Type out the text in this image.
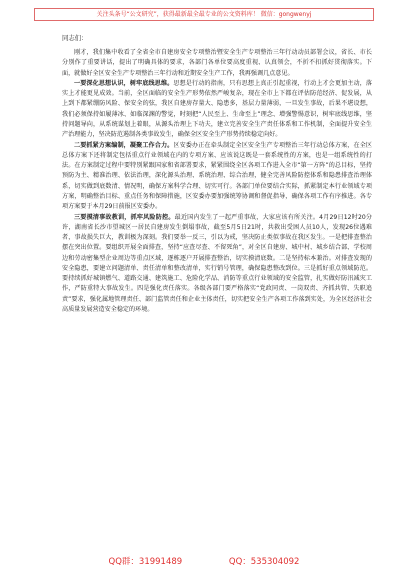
关注头条号“公文研究”，获得最新最全最专业的公文资料库！ 微信：gongwenyj
同志们：

刚才，我们集中收看了全省全市自建房安全专项整治暨安全生产专项整治三年行动动员部署会议，省长、市长分别作了重要讲话，提出了明确具体的要求，各部门各单位要高度重视、认真领会，不折不扣抓好贯彻落实。下面，就做好全区安全生产专项整治三年行动和近期安全生产工作，我再强调几点意见。

一要深化思想认识，树牢底线思维。思想是行动的指南，只有思想上真正引起重视，行动上才会更加主动，落实上才能更见成效。当前，全区面临的安全生产形势依然严峻复杂，现在全市上下都在评估防范经济、促发展，从上到下都紧绷防风险、保安全的弦，我区自建房存量大、隐患多，基层力量薄弱，一旦发生事故，后果不堪设想，我们必须保持如履薄冰、如临深渊的警觉，时刻把“人民至上、生命至上”理念、增强警惕意识，树牢底线思维，坚持问题导向，从系统谋划上着眼，从源头治理上下功夫，建立完善安全生产责任体系和工作机制，全面提升安全生产治理能力，坚决防范遏制各类事故发生，确保全区安全生产形势持续稳定向好。

二要抓紧方案编制，凝聚工作合力。区安委办正在牵头制定全区安全生产专项整治三年行动总体方案，在全区总体方案下还将制定包括重点行业领域在内的专项方案、应该说这既是一套系统性的方案，也是一组系统性的打法。在方案制定过程中要特别紧跟国家和省部署要求，紧紧围绕全区各项工作进入全市“第一方阵”的总目标，坚持预防为主、精准治理、依法治理，深化源头治理、系统治理、综合治理，健全完善风险防控体系和隐患排查治理体系，切实做到底数清、情况明，确保方案科学合理、切实可行。各部门单位要结合实际，抓紧制定本行业领域专项方案，明确整治目标、重点任务和保障措施，区安委办要加强统筹协调和督促指导，确保各项工作有序推进。各专项方案要于本月29日前报区安委办。

三要摸清事故教训，抓牢风险防控。最近国内发生了一起严重事故，大家应该有所关注。4月29日12时20分许，湖南省长沙市望城区一居民自建房发生倒塌事故，截至5月5日21时，共救出受困人员10人，发现26位遇难者，事故损失巨大，教训极为深刻。我们要举一反三，引以为戒，坚决防止类似事故在我区发生。一是把排查整治摆在突出位置。要组织开展全面排查，坚持“应查尽查、不留死角”，对全区自建房、城中村、城乡结合部、学校周边和劳动密集型企业周边等重点区域，逐栋逐户开展排查整治，切实摸清底数。二是坚持标本兼治。对排查发现的安全隐患，要建立问题清单、责任清单和整改清单，实行销号管理，确保隐患整改到位。三是抓好重点领域防范。要持续抓好城镇燃气、道路交通、建筑施工、危险化学品、消防等重点行业领域的安全监管，扎实做好防汛减灾工作，严防重特大事故发生。四是强化责任落实。各级各部门要严格落实“党政同责、一岗双责、齐抓共管、失职追责”要求，强化属地管理责任、部门监管责任和企业主体责任，切实把安全生产各项工作落到实处，为全区经济社会高质量发展营造安全稳定的环境。

QQ群：31991489	QQ：535304092
